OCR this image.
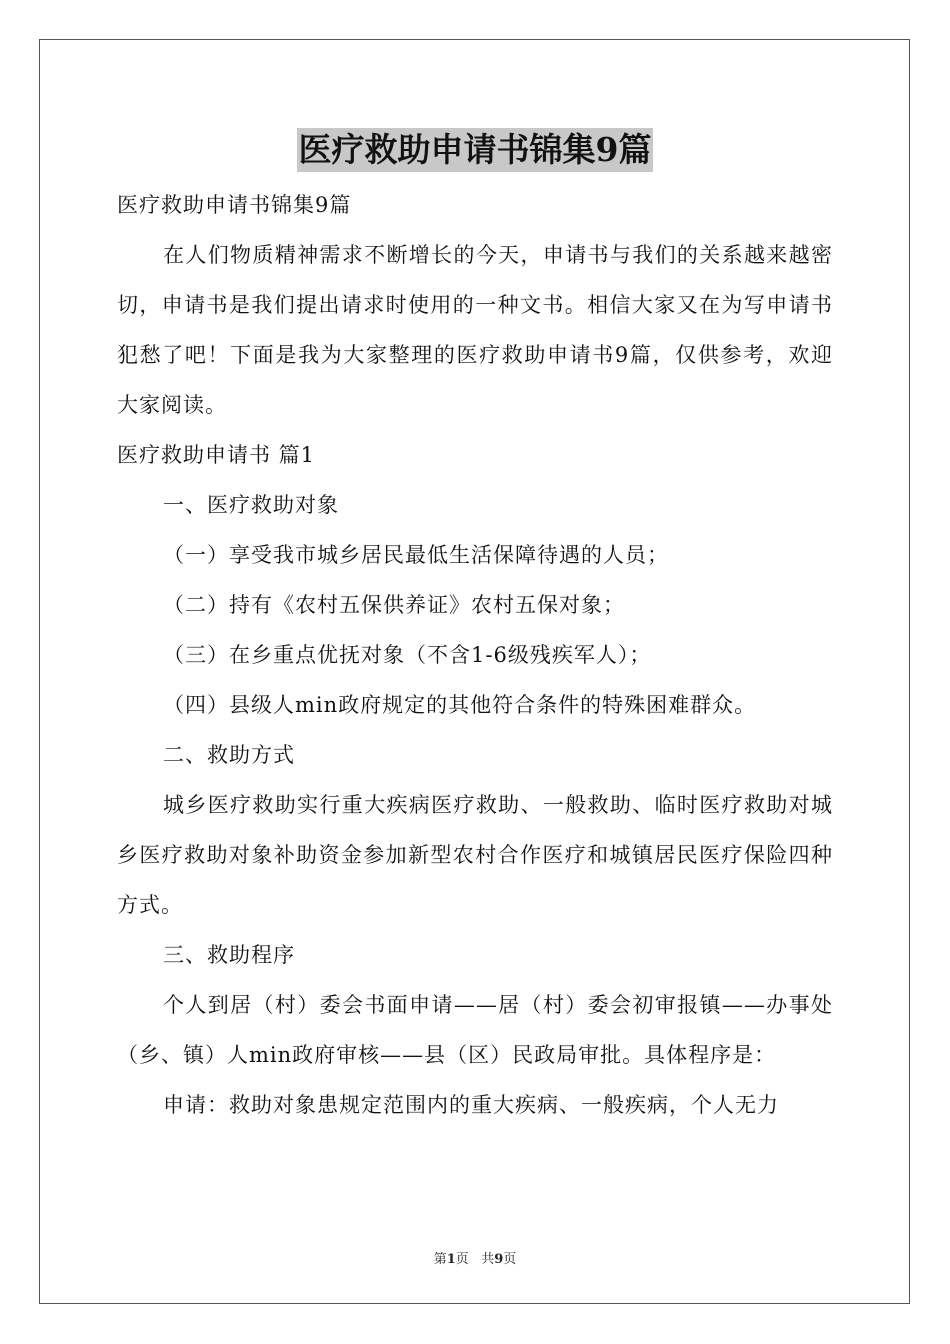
医疗救助申请书锦集9篇

医疗救助申请书锦集9篇

在人们物质精神需求不断增长的今天，申请书与我们的关系越来越密切，申请书是我们提出请求时使用的一种文书。相信大家又在为写申请书犯愁了吧！下面是我为大家整理的医疗救助申请书9篇，仅供参考，欢迎大家阅读。

医疗救助申请书 篇1

一、医疗救助对象

（一）享受我市城乡居民最低生活保障待遇的人员；

（二）持有《农村五保供养证》农村五保对象；

（三）在乡重点优抚对象（不含1-6级残疾军人）；

（四）县级人min政府规定的其他符合条件的特殊困难群众。

二、救助方式

城乡医疗救助实行重大疾病医疗救助、一般救助、临时医疗救助对城乡医疗救助对象补助资金参加新型农村合作医疗和城镇居民医疗保险四种方式。

三、救助程序

个人到居（村）委会书面申请——居（村）委会初审报镇——办事处（乡、镇）人min政府审核——县（区）民政局审批。具体程序是：

申请：救助对象患规定范围内的重大疾病、一般疾病，个人无力

第1页 共9页
